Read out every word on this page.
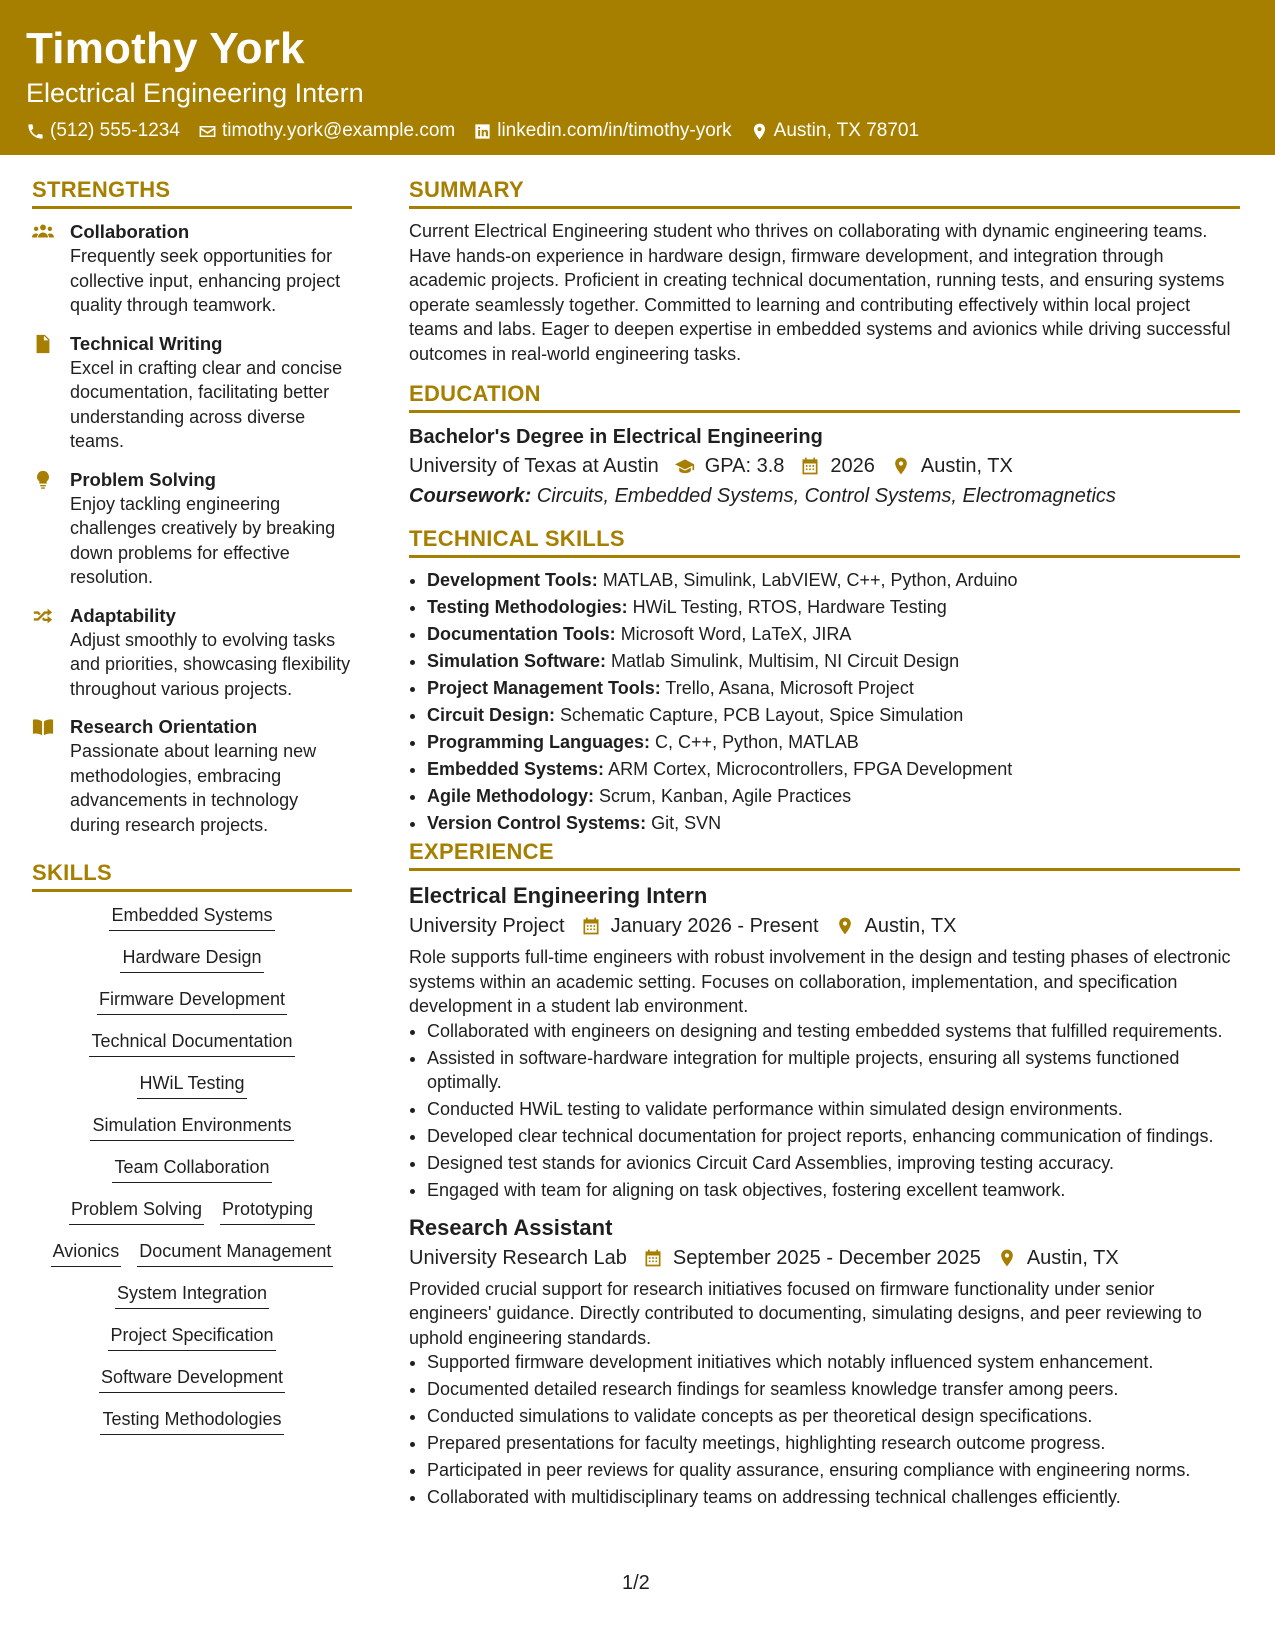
Timothy York
Electrical Engineering Intern
(512) 555-1234 timothy.york@example.com linkedin.com/in/timothy-york Austin, TX 78701
STRENGTHS
Collaboration
Frequently seek opportunities for collective input, enhancing project quality through teamwork.
Technical Writing
Excel in crafting clear and concise documentation, facilitating better understanding across diverse teams.
Problem Solving
Enjoy tackling engineering challenges creatively by breaking down problems for effective resolution.
Adaptability
Adjust smoothly to evolving tasks and priorities, showcasing flexibility throughout various projects.
Research Orientation
Passionate about learning new methodologies, embracing advancements in technology during research projects.
SKILLS
Embedded Systems
Hardware Design
Firmware Development
Technical Documentation
HWiL Testing
Simulation Environments
Team Collaboration
Problem Solving Prototyping
Avionics Document Management
System Integration
Project Specification
Software Development
Testing Methodologies
SUMMARY
Current Electrical Engineering student who thrives on collaborating with dynamic engineering teams. Have hands-on experience in hardware design, firmware development, and integration through academic projects. Proficient in creating technical documentation, running tests, and ensuring systems operate seamlessly together. Committed to learning and contributing effectively within local project teams and labs. Eager to deepen expertise in embedded systems and avionics while driving successful outcomes in real-world engineering tasks.
EDUCATION
Bachelor's Degree in Electrical Engineering
University of Texas at Austin GPA: 3.8 2026 Austin, TX
Coursework: Circuits, Embedded Systems, Control Systems, Electromagnetics
TECHNICAL SKILLS
• Development Tools: MATLAB, Simulink, LabVIEW, C++, Python, Arduino
• Testing Methodologies: HWiL Testing, RTOS, Hardware Testing
• Documentation Tools: Microsoft Word, LaTeX, JIRA
• Simulation Software: Matlab Simulink, Multisim, NI Circuit Design
• Project Management Tools: Trello, Asana, Microsoft Project
• Circuit Design: Schematic Capture, PCB Layout, Spice Simulation
• Programming Languages: C, C++, Python, MATLAB
• Embedded Systems: ARM Cortex, Microcontrollers, FPGA Development
• Agile Methodology: Scrum, Kanban, Agile Practices
• Version Control Systems: Git, SVN
EXPERIENCE
Electrical Engineering Intern
University Project January 2026 - Present Austin, TX
Role supports full-time engineers with robust involvement in the design and testing phases of electronic systems within an academic setting. Focuses on collaboration, implementation, and specification development in a student lab environment.
• Collaborated with engineers on designing and testing embedded systems that fulfilled requirements.
• Assisted in software-hardware integration for multiple projects, ensuring all systems functioned optimally.
• Conducted HWiL testing to validate performance within simulated design environments.
• Developed clear technical documentation for project reports, enhancing communication of findings.
• Designed test stands for avionics Circuit Card Assemblies, improving testing accuracy.
• Engaged with team for aligning on task objectives, fostering excellent teamwork.
Research Assistant
University Research Lab September 2025 - December 2025 Austin, TX
Provided crucial support for research initiatives focused on firmware functionality under senior engineers' guidance. Directly contributed to documenting, simulating designs, and peer reviewing to uphold engineering standards.
• Supported firmware development initiatives which notably influenced system enhancement.
• Documented detailed research findings for seamless knowledge transfer among peers.
• Conducted simulations to validate concepts as per theoretical design specifications.
• Prepared presentations for faculty meetings, highlighting research outcome progress.
• Participated in peer reviews for quality assurance, ensuring compliance with engineering norms.
• Collaborated with multidisciplinary teams on addressing technical challenges efficiently.
1/2
